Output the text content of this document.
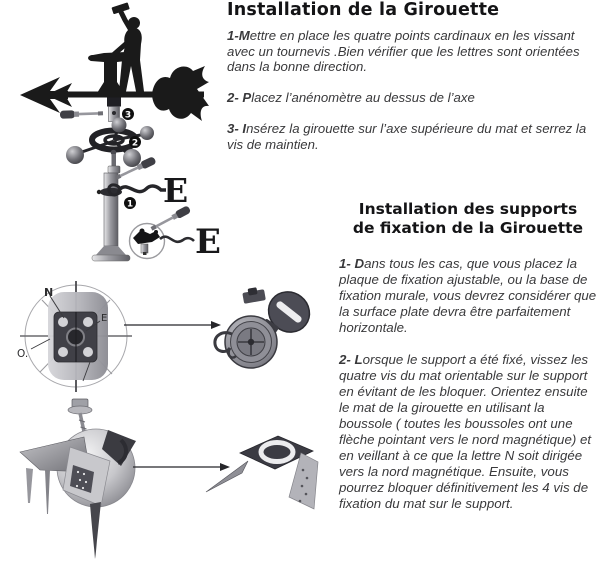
3
2
E
1
E
N
E
O.
Installation de la Girouette

1-Mettre en place les quatre points cardinaux en les vissant avec un tournevis .Bien vérifier que les lettres sont orientées dans la bonne direction.

2- Placez l’anénomètre au dessus de l’axe

3- Insérez la girouette sur l’axe supérieure du mat et serrez la vis de maintien.

Installation des supports
de fixation de la Girouette

1- Dans tous les cas, que vous placez la plaque de fixation ajustable, ou la base de fixation murale, vous devrez considérer que la surface plate devra être parfaitement horizontale.

2- Lorsque le support a été fixé, vissez les quatre vis du mat orientable sur le support en évitant de les bloquer. Orientez ensuite le mat de la girouette en utilisant la boussole ( toutes les boussoles ont une flèche pointant vers le nord magnétique) et en veillant à ce que la lettre N soit dirigée vers la nord magnétique. Ensuite, vous pourrez bloquer définitivement les 4 vis de fixation du mat sur le support.
